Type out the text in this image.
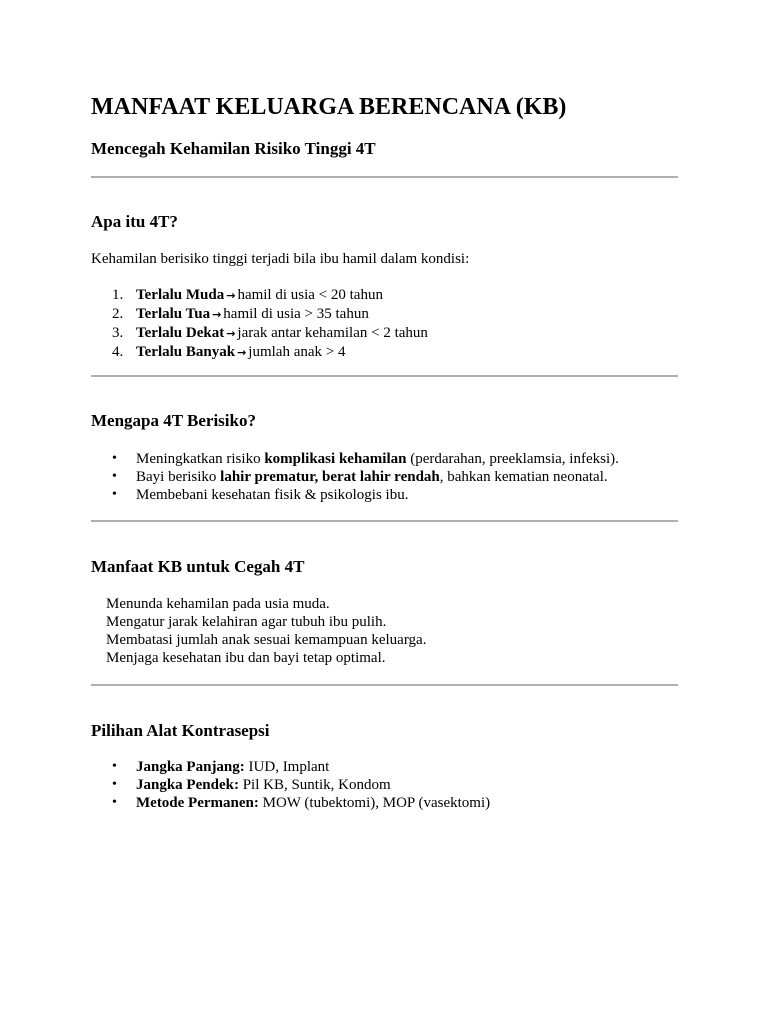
MANFAAT KELUARGA BERENCANA (KB)
Mencegah Kehamilan Risiko Tinggi 4T
Apa itu 4T?
Kehamilan berisiko tinggi terjadi bila ibu hamil dalam kondisi:
1. Terlalu Muda → hamil di usia < 20 tahun
2. Terlalu Tua → hamil di usia > 35 tahun
3. Terlalu Dekat → jarak antar kehamilan < 2 tahun
4. Terlalu Banyak → jumlah anak > 4
Mengapa 4T Berisiko?
• Meningkatkan risiko komplikasi kehamilan (perdarahan, preeklamsia, infeksi).
• Bayi berisiko lahir prematur, berat lahir rendah, bahkan kematian neonatal.
• Membebani kesehatan fisik & psikologis ibu.
Manfaat KB untuk Cegah 4T
Menunda kehamilan pada usia muda.
Mengatur jarak kelahiran agar tubuh ibu pulih.
Membatasi jumlah anak sesuai kemampuan keluarga.
Menjaga kesehatan ibu dan bayi tetap optimal.
Pilihan Alat Kontrasepsi
• Jangka Panjang: IUD, Implant
• Jangka Pendek: Pil KB, Suntik, Kondom
• Metode Permanen: MOW (tubektomi), MOP (vasektomi)
